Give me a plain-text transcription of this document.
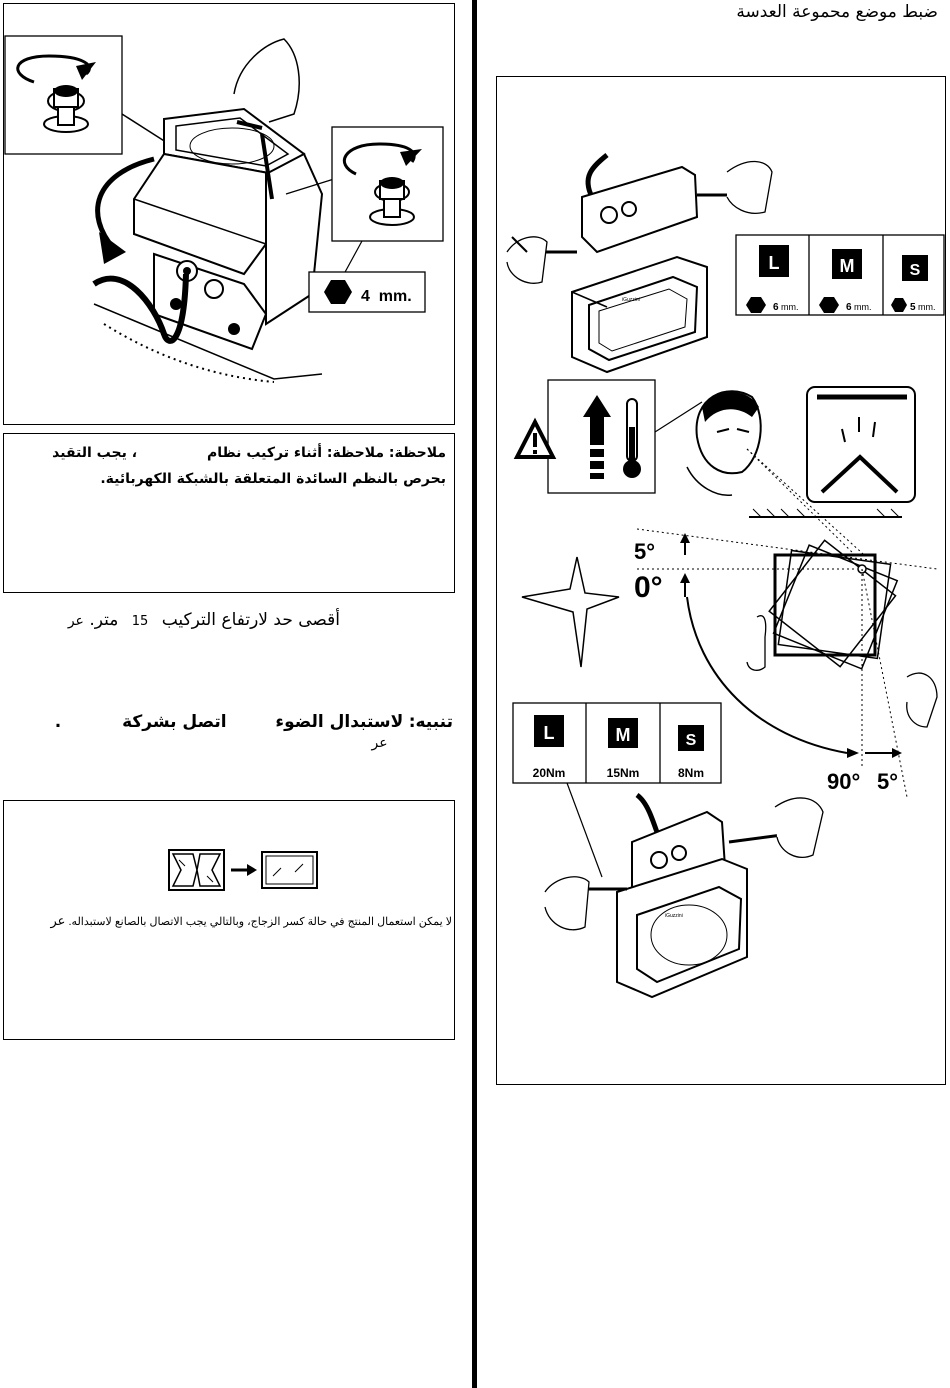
4  mm.
ملاحظة: ملاحظة: أثناء تركيب نظام، يجب التقيد
بحرص بالنظم السائدة المتعلقة بالشبكة الكهربائية.
أقصى حد لارتفاع التركيب 15 متر. عر
تنبيه: لاستبدال الضوء  اتصل بشركة  .  عر
لا يمكن استعمال المنتج في حالة كسر الزجاج، وبالتالي يجب الاتصال بالصانع لاستبداله. عر
ضبط موضع محموعة العدسة
L	M	S
6 mm.	6 mm.	5 mm.
5°
0°
90° 5°
L	M	S
20Nm	15Nm	8Nm
iGuzzini
iGuzzini
